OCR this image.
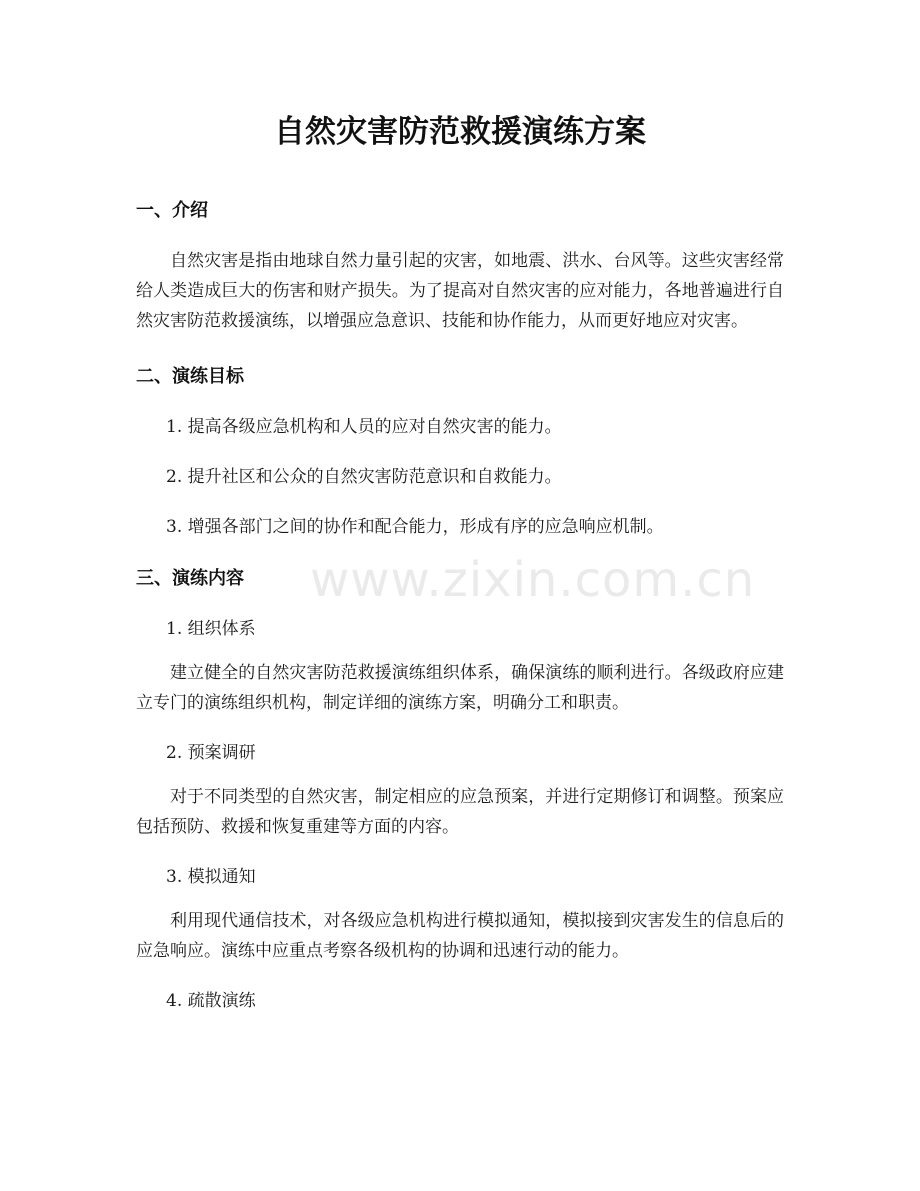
自然灾害防范救援演练方案
一、介绍

自然灾害是指由地球自然力量引起的灾害，如地震、洪水、台风等。这些灾害经常给人类造成巨大的伤害和财产损失。为了提高对自然灾害的应对能力，各地普遍进行自然灾害防范救援演练，以增强应急意识、技能和协作能力，从而更好地应对灾害。

二、演练目标

1. 提高各级应急机构和人员的应对自然灾害的能力。

2. 提升社区和公众的自然灾害防范意识和自救能力。

3. 增强各部门之间的协作和配合能力，形成有序的应急响应机制。

三、演练内容

1. 组织体系

建立健全的自然灾害防范救援演练组织体系，确保演练的顺利进行。各级政府应建立专门的演练组织机构，制定详细的演练方案，明确分工和职责。

2. 预案调研

对于不同类型的自然灾害，制定相应的应急预案，并进行定期修订和调整。预案应包括预防、救援和恢复重建等方面的内容。

3. 模拟通知

利用现代通信技术，对各级应急机构进行模拟通知，模拟接到灾害发生的信息后的应急响应。演练中应重点考察各级机构的协调和迅速行动的能力。

4. 疏散演练

www.zixin.com.cn
